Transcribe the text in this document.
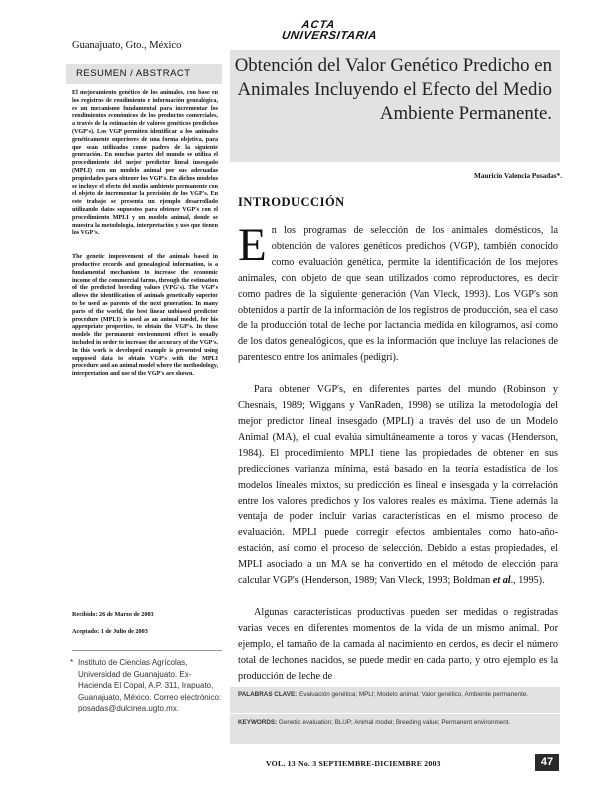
Guanajuato, Gto., México
ACTA
UNIVERSITARIA
RESUMEN / ABSTRACT
El mejoramiento genético de los animales, con base en los registros de rendimiento e información genealógica, es un mecanismo fundamental para incrementar los rendimientos económicos de los productos comerciales, a través de la estimación de valores genéticos predichos (VGP's). Los VGP permiten identificar a los animales genéticamente superiores de una forma objetiva, para que sean utilizados como padres de la siguiente generación. En muchas partes del mundo se utiliza el procedimiento del mejor predictor lineal insesgado (MPLI) con un modelo animal por sus adecuadas propiedades para obtener los VGP's. En dichos modelos se incluye el efecto del medio ambiente permanente con el objeto de incrementar la precisión de los VGP's. En este trabajo se presenta un ejemplo desarrollado utilizando datos supuestos para obtener VGP's con el procedimiento MPLI y un modelo animal, donde se muestra la metodología, interpretación y uso que tienen los VGP's.
The genetic improvement of the animals based in productive records and genealogical information, is a fundamental mechanism to increase the economic income of the commercial farms, through the estimation of the predicted breeding values (VPG's). The VGP's allows the identification of animals genetically superior to be used as parents of the next generation. In many parts of the world, the best linear unbiased predictor procedure (MPLI) is used as an animal model, for his appropriate properties, to obtain the VGP's. In these models the permanent environment effect is usually included in order to increase the accuracy of the VGP's. In this work is developed example is presented using supposed data to obtain VGP's with the MPLI procedure and an animal model where the methodology, interpretation and use of the VGP's are shown.
Recibido: 26 de Marzo de 2003
Aceptado: 1 de Julio de 2003
* Instituto de Ciencias Agrícolas, Universidad de Guanajuato. Ex-Hacienda El Copal, A.P. 311, Irapuato, Guanajuato, México. Correo electrónico: posadas@dulcinea.ugto.mx.
Obtención del Valor Genético Predicho en Animales Incluyendo el Efecto del Medio Ambiente Permanente.
Mauricio Valencia Posadas*.
INTRODUCCIÓN

En los programas de selección de los animales domésticos, la obtención de valores genéticos predichos (VGP), también conocido como evaluación genética, permite la identificación de los mejores animales, con objeto de que sean utilizados como reproductores, es decir como padres de la siguiente generación (Van Vleck, 1993). Los VGP's son obtenidos a partir de la información de los registros de producción, sea el caso de la producción total de leche por lactancia medida en kilogramos, así como de los datos genealógicos, que es la información que incluye las relaciones de parentesco entre los animales (pedigrí).

Para obtener VGP's, en diferentes partes del mundo (Robinson y Chesnais, 1989; Wiggans y VanRaden, 1998) se utiliza la metodología del mejor predictor lineal insesgado (MPLI) a través del uso de un Modelo Animal (MA), el cual evalúa simultáneamente a toros y vacas (Henderson, 1984). El procedimiento MPLI tiene las propiedades de obtener en sus predicciones varianza mínima, está basado en la teoría estadística de los modelos lineales mixtos, su predicción es lineal e insesgada y la correlación entre los valores predichos y los valores reales es máxima. Tiene además la ventaja de poder incluir varias características en el mismo proceso de evaluación. MPLI puede corregir efectos ambientales como hato-año-estación, así como el proceso de selección. Debido a estas propiedades, el MPLI asociado a un MA se ha convertido en el método de elección para calcular VGP's (Henderson, 1989; Van Vleck, 1993; Boldman et al., 1995).

Algunas características productivas pueden ser medidas o registradas varias veces en diferentes momentos de la vida de un mismo animal. Por ejemplo, el tamaño de la camada al nacimiento en cerdos, es decir el número total de lechones nacidos, se puede medir en cada parto, y otro ejemplo es la producción de leche de

PALABRAS CLAVE: Evaluación genética; MPLI; Modelo animal; Valor genético, Ambiente permanente.
KEYWORDS: Genetic evaluation; BLUP; Animal model; Breeding value; Permanent environment.
VOL. 13 No. 3 SEPTIEMBRE-DICIEMBRE 2003	47
